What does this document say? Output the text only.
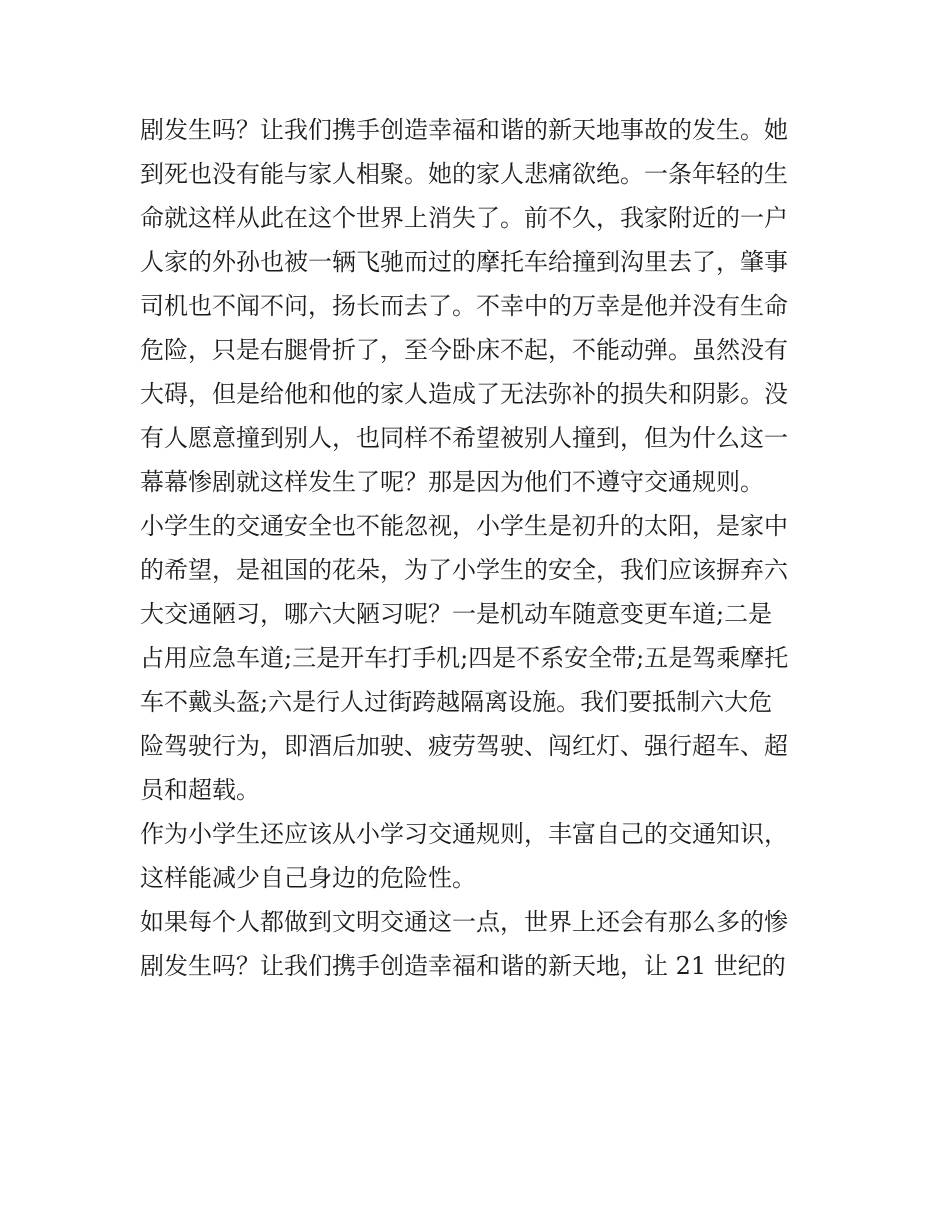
剧发生吗？让我们携手创造幸福和谐的新天地事故的发生。她
到死也没有能与家人相聚。她的家人悲痛欲绝。一条年轻的生
命就这样从此在这个世界上消失了。前不久，我家附近的一户
人家的外孙也被一辆飞驰而过的摩托车给撞到沟里去了，肇事
司机也不闻不问，扬长而去了。不幸中的万幸是他并没有生命
危险，只是右腿骨折了，至今卧床不起，不能动弹。虽然没有
大碍，但是给他和他的家人造成了无法弥补的损失和阴影。没
有人愿意撞到别人，也同样不希望被别人撞到，但为什么这一
幕幕惨剧就这样发生了呢？那是因为他们不遵守交通规则。
小学生的交通安全也不能忽视，小学生是初升的太阳，是家中
的希望，是祖国的花朵，为了小学生的安全，我们应该摒弃六
大交通陋习，哪六大陋习呢？一是机动车随意变更车道;二是
占用应急车道;三是开车打手机;四是不系安全带;五是驾乘摩托
车不戴头盔;六是行人过街跨越隔离设施。我们要抵制六大危
险驾驶行为，即酒后加驶、疲劳驾驶、闯红灯、强行超车、超
员和超载。
作为小学生还应该从小学习交通规则，丰富自己的交通知识，
这样能减少自己身边的危险性。
如果每个人都做到文明交通这一点，世界上还会有那么多的惨
剧发生吗？让我们携手创造幸福和谐的新天地，让 21 世纪的
